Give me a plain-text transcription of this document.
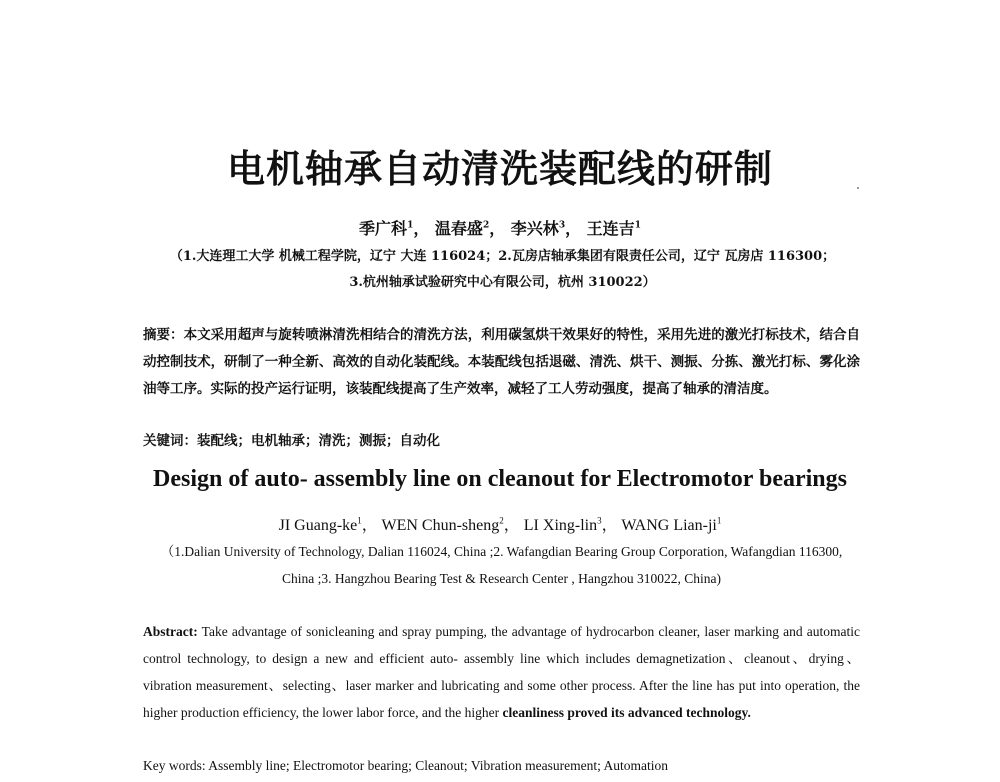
电机轴承自动清洗装配线的研制
季广科$^1$， 温春盛$^2$， 李兴林$^3$， 王连吉$^1$
（1.大连理工大学 机械工程学院，辽宁 大连 116024；2.瓦房店轴承集团有限责任公司，辽宁 瓦房店 116300；
3.杭州轴承试验研究中心有限公司，杭州 310022）
摘要：本文采用超声与旋转喷淋清洗相结合的清洗方法，利用碳氢烘干效果好的特性，采用先进的激光打标技术，结合自动控制技术，研制了一种全新、高效的自动化装配线。本装配线包括退磁、清洗、烘干、测振、分拣、激光打标、雾化涂油等工序。实际的投产运行证明，该装配线提高了生产效率，减轻了工人劳动强度，提高了轴承的清洁度。
关键词：装配线；电机轴承；清洗；测振；自动化
Design of auto- assembly line on cleanout for Electromotor bearings
JI Guang-$ke^1$， WEN Chun-sheng$^2$， LI Xing-lin$^3$， WANG Lian-$ji^1$
（1.Dalian University of Technology, Dalian 116024, China ;2. Wafangdian Bearing Group Corporation, Wafangdian 116300, China ;3. Hangzhou Bearing Test & Research Center , Hangzhou 310022, China)
Abstract: Take advantage of sonicleaning and spray pumping, the advantage of hydrocarbon cleaner, laser marking and automatic control technology, to design a new and efficient auto- assembly line which includes demagnetization、cleanout、drying、vibration measurement、selecting、laser marker and lubricating and some other process. After the line has put into operation, the higher production efficiency, the lower labor force, and the higher cleanliness proved its advanced technology.
Key words: Assembly line; Electromotor bearing; Cleanout; Vibration measurement; Automation
